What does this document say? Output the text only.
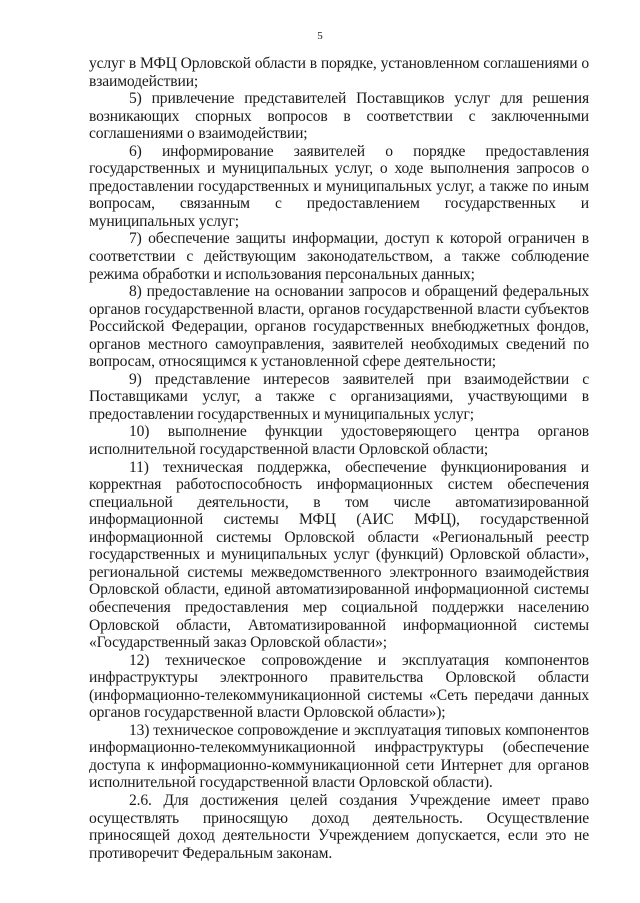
5

услуг в МФЦ Орловской области в порядке, установленном соглашениями о взаимодействии;

5) привлечение представителей Поставщиков услуг для решения возникающих спорных вопросов в соответствии с заключенными соглашениями о взаимодействии;

6) информирование заявителей о порядке предоставления государственных и муниципальных услуг, о ходе выполнения запросов о предоставлении государственных и муниципальных услуг, а также по иным вопросам, связанным с предоставлением государственных и муниципальных услуг;

7) обеспечение защиты информации, доступ к которой ограничен в соответствии с действующим законодательством, а также соблюдение режима обработки и использования персональных данных;

8) предоставление на основании запросов и обращений федеральных органов государственной власти, органов государственной власти субъектов Российской Федерации, органов государственных внебюджетных фондов, органов местного самоуправления, заявителей необходимых сведений по вопросам, относящимся к установленной сфере деятельности;

9) представление интересов заявителей при взаимодействии с Поставщиками услуг, а также с организациями, участвующими в предоставлении государственных и муниципальных услуг;

10) выполнение функции удостоверяющего центра органов исполнительной государственной власти Орловской области;

11) техническая поддержка, обеспечение функционирования и корректная работоспособность информационных систем обеспечения специальной деятельности, в том числе автоматизированной информационной системы МФЦ (АИС МФЦ), государственной информационной системы Орловской области «Региональный реестр государственных и муниципальных услуг (функций) Орловской области», региональной системы межведомственного электронного взаимодействия Орловской области, единой автоматизированной информационной системы обеспечения предоставления мер социальной поддержки населению Орловской области, Автоматизированной информационной системы «Государственный заказ Орловской области»;

12) техническое сопровождение и эксплуатация компонентов инфраструктуры электронного правительства Орловской области (информационно-телекоммуникационной системы «Сеть передачи данных органов государственной власти Орловской области»);

13) техническое сопровождение и эксплуатация типовых компонентов информационно-телекоммуникационной инфраструктуры (обеспечение доступа к информационно-коммуникационной сети Интернет для органов исполнительной государственной власти Орловской области).

2.6. Для достижения целей создания Учреждение имеет право осуществлять приносящую доход деятельность. Осуществление приносящей доход деятельности Учреждением допускается, если это не противоречит Федеральным законам.
